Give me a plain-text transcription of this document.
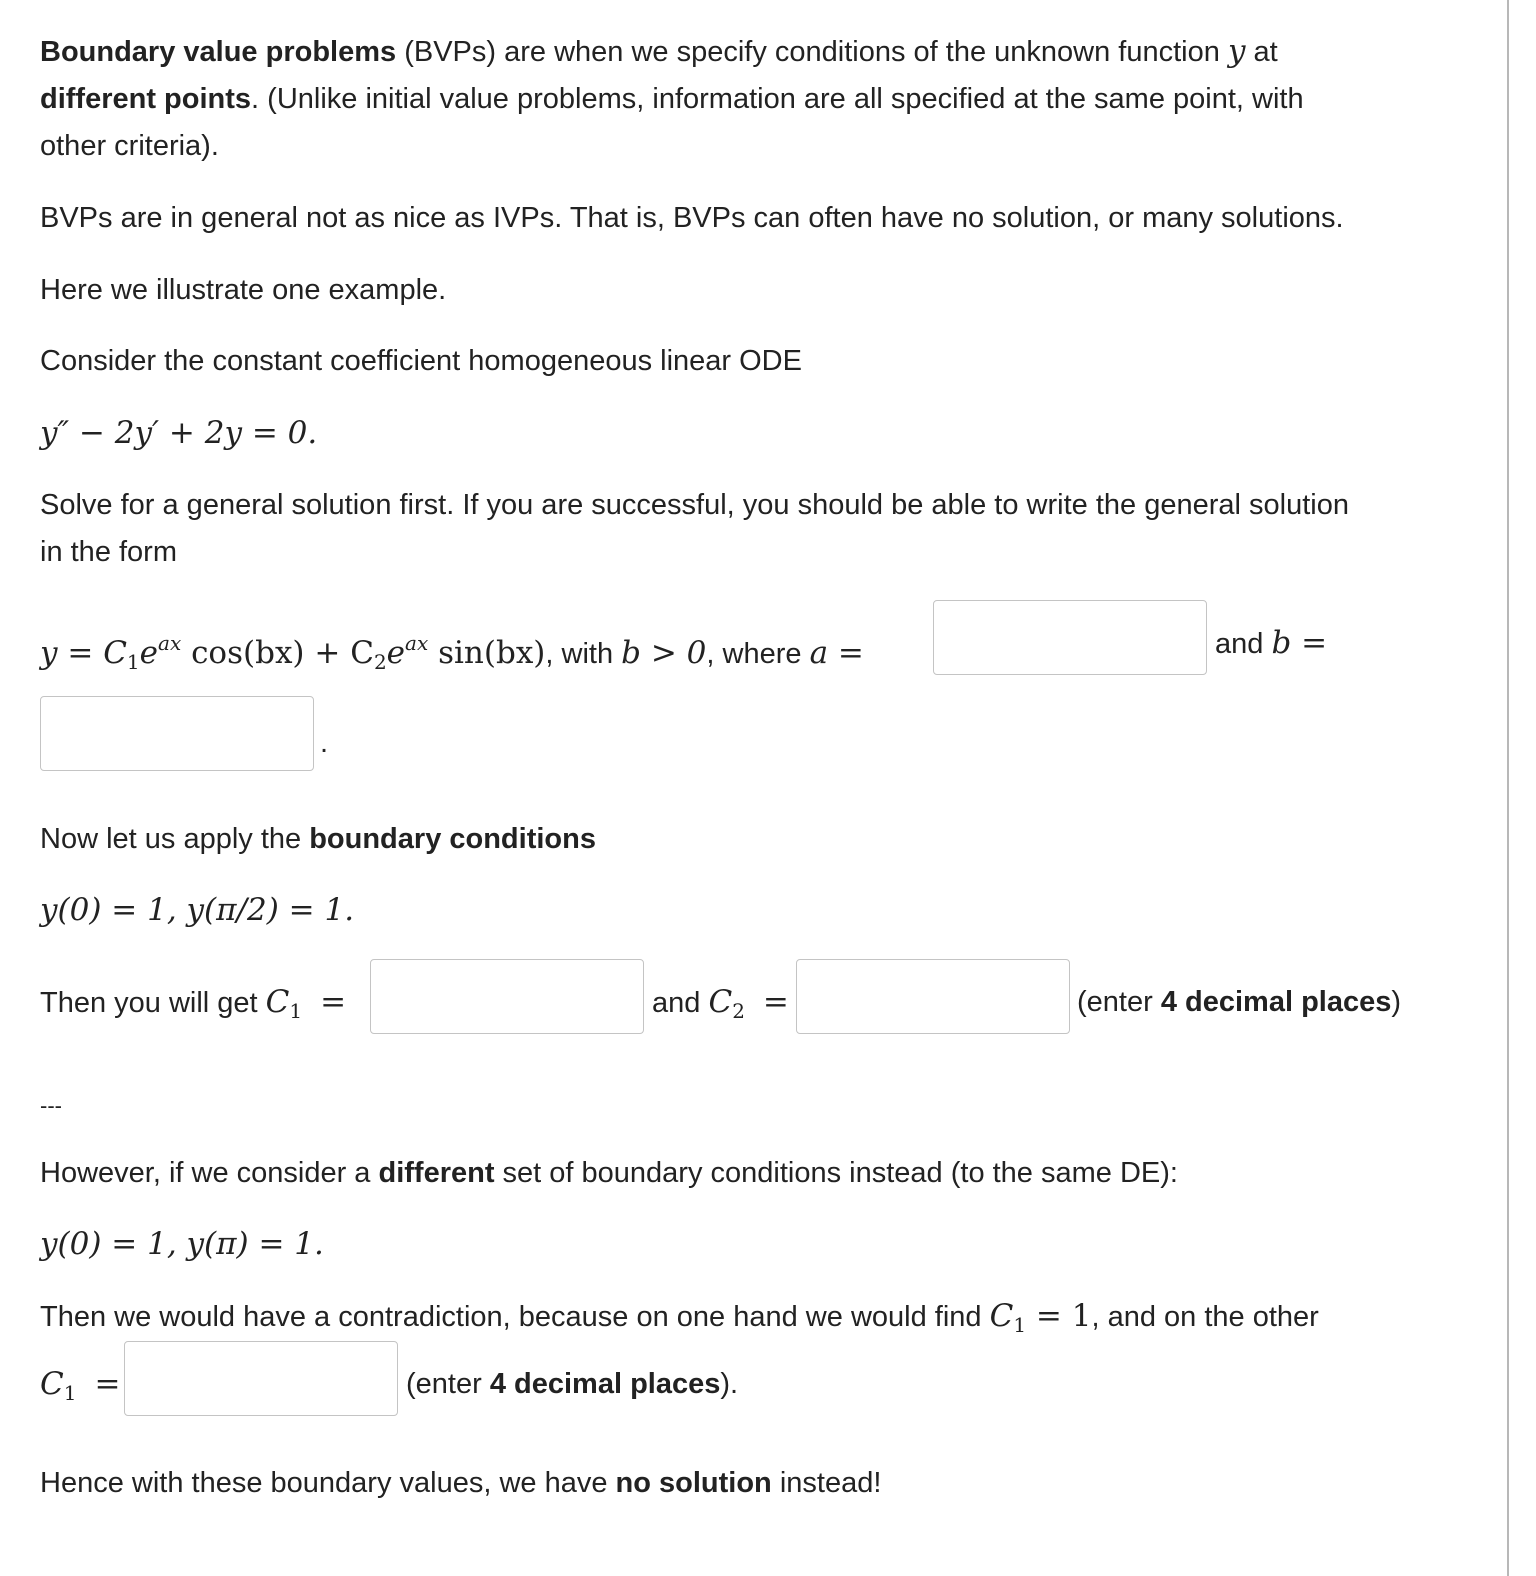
Boundary value problems (BVPs) are when we specify conditions of the unknown function y at
different points. (Unlike initial value problems, information are all specified at the same point, with
other criteria).
BVPs are in general not as nice as IVPs. That is, BVPs can often have no solution, or many solutions.
Here we illustrate one example.
Consider the constant coefficient homogeneous linear ODE
y″ − 2y′ + 2y = 0.
Solve for a general solution first. If you are successful, you should be able to write the general solution
in the form
$y = C_1e^{ax}$ $\cos(bx) + C_2e^{ax}$ sin(bx), with b > 0, where a =	and b =
.
Now let us apply the boundary conditions
y(0) = 1, y(π/2) = 1.
Then you will get $C_1$ =	and $C_2$ =	(enter 4 decimal places)
---
However, if we consider a different set of boundary conditions instead (to the same DE):
y(0) = 1, y(π) = 1.
Then we would have a contradiction, because on one hand we would find $C_1 = 1$, and on the other
$C_1$ =	(enter 4 decimal places).
Hence with these boundary values, we have no solution instead!
